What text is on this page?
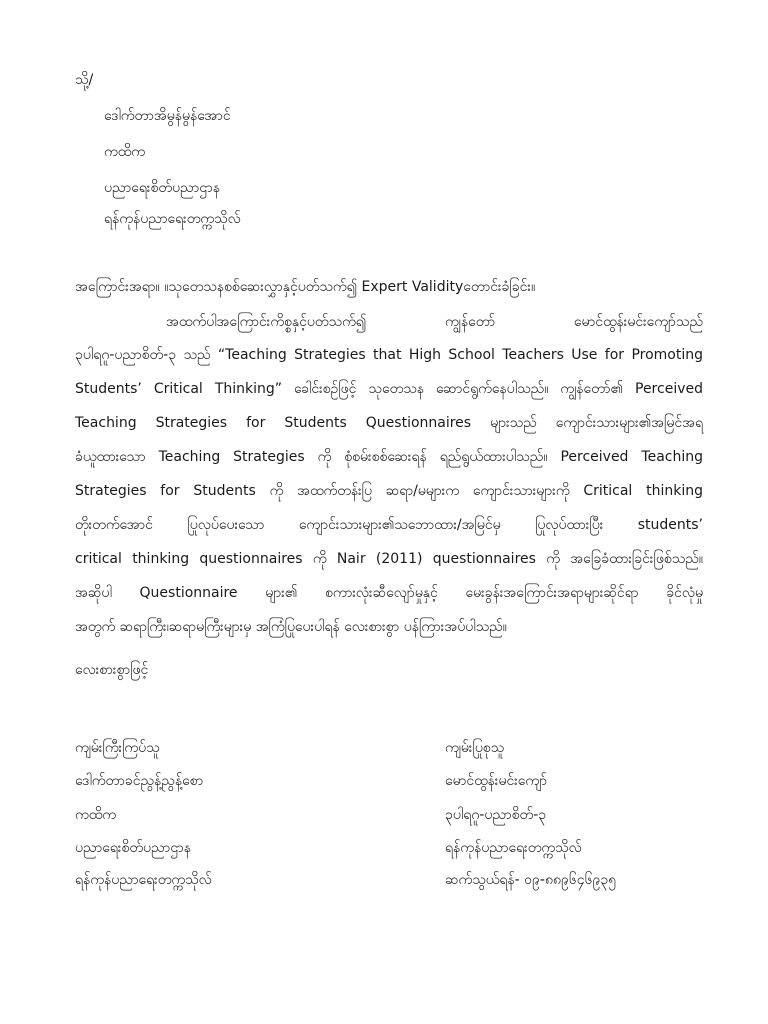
သို့/
ဒေါက်တာအိမွန်မွန်အောင်
ကထိက
ပညာရေးစိတ်ပညာဌာန
ရန်ကုန်ပညာရေးတက္ကသိုလ်
အကြောင်းအရာ။ ။သုတေသနစစ်ဆေးလွှာနှင့်ပတ်သက်၍ Expert Validityတောင်းခံခြင်း။
အထက်ပါအကြောင်းကိစ္စနှင့်ပတ်သက်၍ ကျွန်တော် မောင်ထွန်းမင်းကျော်သည်
၃ပါရဂူ-ပညာစိတ်-၃ သည် “Teaching Strategies that High School Teachers Use for Promoting
Students’ Critical Thinking” ခေါင်းစဉ်ဖြင့် သုတေသန ဆောင်ရွက်နေပါသည်။ ကျွန်တော်၏ Perceived
Teaching Strategies for Students Questionnaires များသည် ကျောင်းသားများ၏အမြင်အရ
ခံယူထားသော Teaching Strategies ကို စုံစမ်းစစ်ဆေးရန် ရည်ရွယ်ထားပါသည်။ Perceived Teaching
Strategies for Students ကို အထက်တန်းပြ ဆရာ/မများက ကျောင်းသားများကို Critical thinking
တိုးတက်အောင် ပြုလုပ်ပေးသော ကျောင်းသားများ၏သဘောထား/အမြင်မှ ပြုလုပ်ထားပြီး students’
critical thinking questionnaires ကို Nair (2011) questionnaires ကို အခြေခံထားခြင်းဖြစ်သည်။
အဆိုပါ Questionnaire များ၏ စကားလုံးဆီလျော်မှုနှင့် မေးခွန်းအကြောင်းအရာများဆိုင်ရာ ခိုင်လုံမှု
အတွက် ဆရာကြီး၊ဆရာမကြီးများမှ အကြံပြုပေးပါရန် လေးစားစွာ ပန်ကြားအပ်ပါသည်။
လေးစားစွာဖြင့်
ကျမ်းကြီးကြပ်သူ
ဒေါက်တာခင်ညွန့်ညွန့်စော
ကထိက
ပညာရေးစိတ်ပညာဌာန
ရန်ကုန်ပညာရေးတက္ကသိုလ်
ကျမ်းပြုစုသူ
မောင်ထွန်းမင်းကျော်
၃ပါရဂူ-ပညာစိတ်-၃
ရန်ကုန်ပညာရေးတက္ကသိုလ်
ဆက်သွယ်ရန်- ၀၉-၈၈၉၆၄၆၉၃၅
